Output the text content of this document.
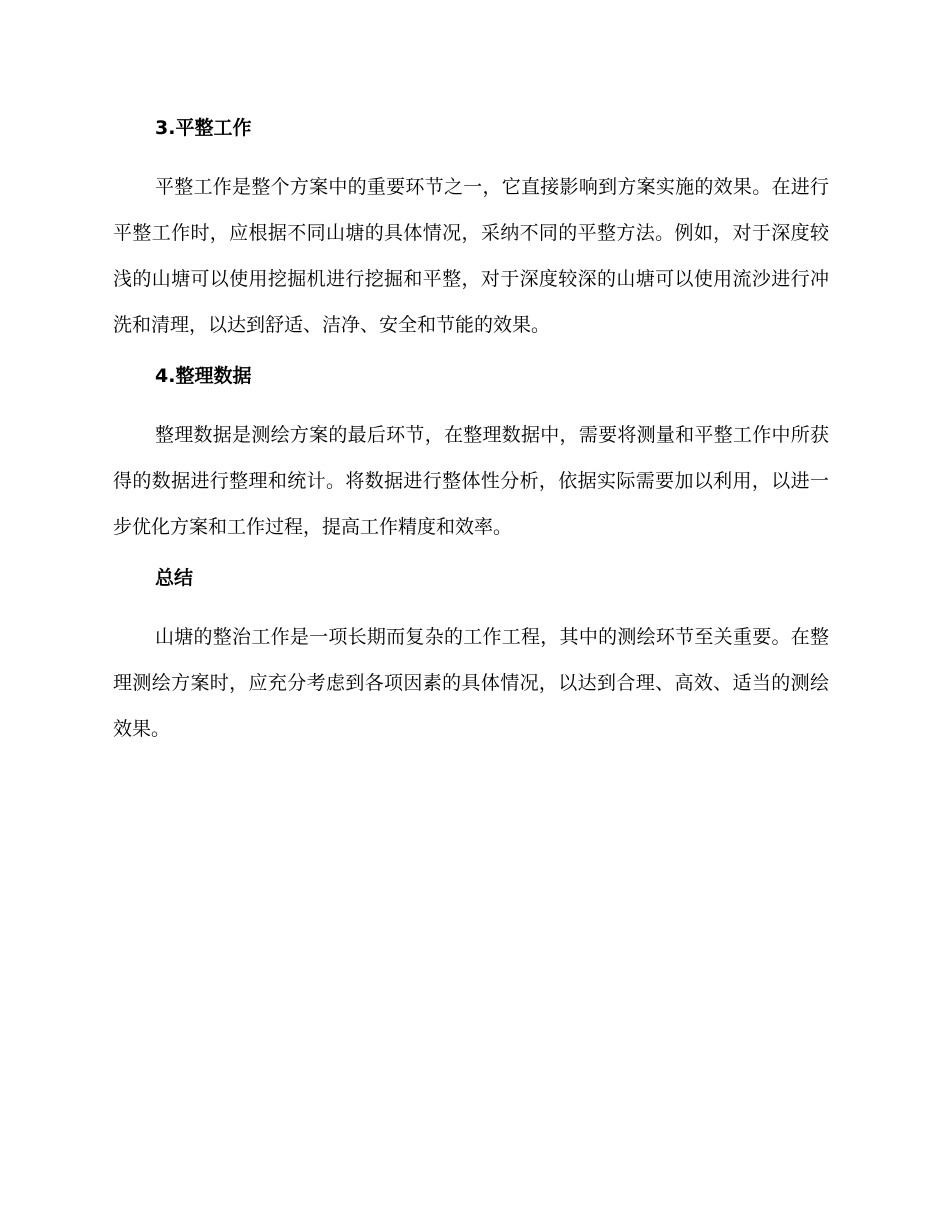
3.平整工作

平整工作是整个方案中的重要环节之一，它直接影响到方案实施的效果。在进行平整工作时，应根据不同山塘的具体情况，采纳不同的平整方法。例如，对于深度较浅的山塘可以使用挖掘机进行挖掘和平整，对于深度较深的山塘可以使用流沙进行冲洗和清理，以达到舒适、洁净、安全和节能的效果。

4.整理数据

整理数据是测绘方案的最后环节，在整理数据中，需要将测量和平整工作中所获得的数据进行整理和统计。将数据进行整体性分析，依据实际需要加以利用，以进一步优化方案和工作过程，提高工作精度和效率。

总结

山塘的整治工作是一项长期而复杂的工作工程，其中的测绘环节至关重要。在整理测绘方案时，应充分考虑到各项因素的具体情况，以达到合理、高效、适当的测绘效果。
